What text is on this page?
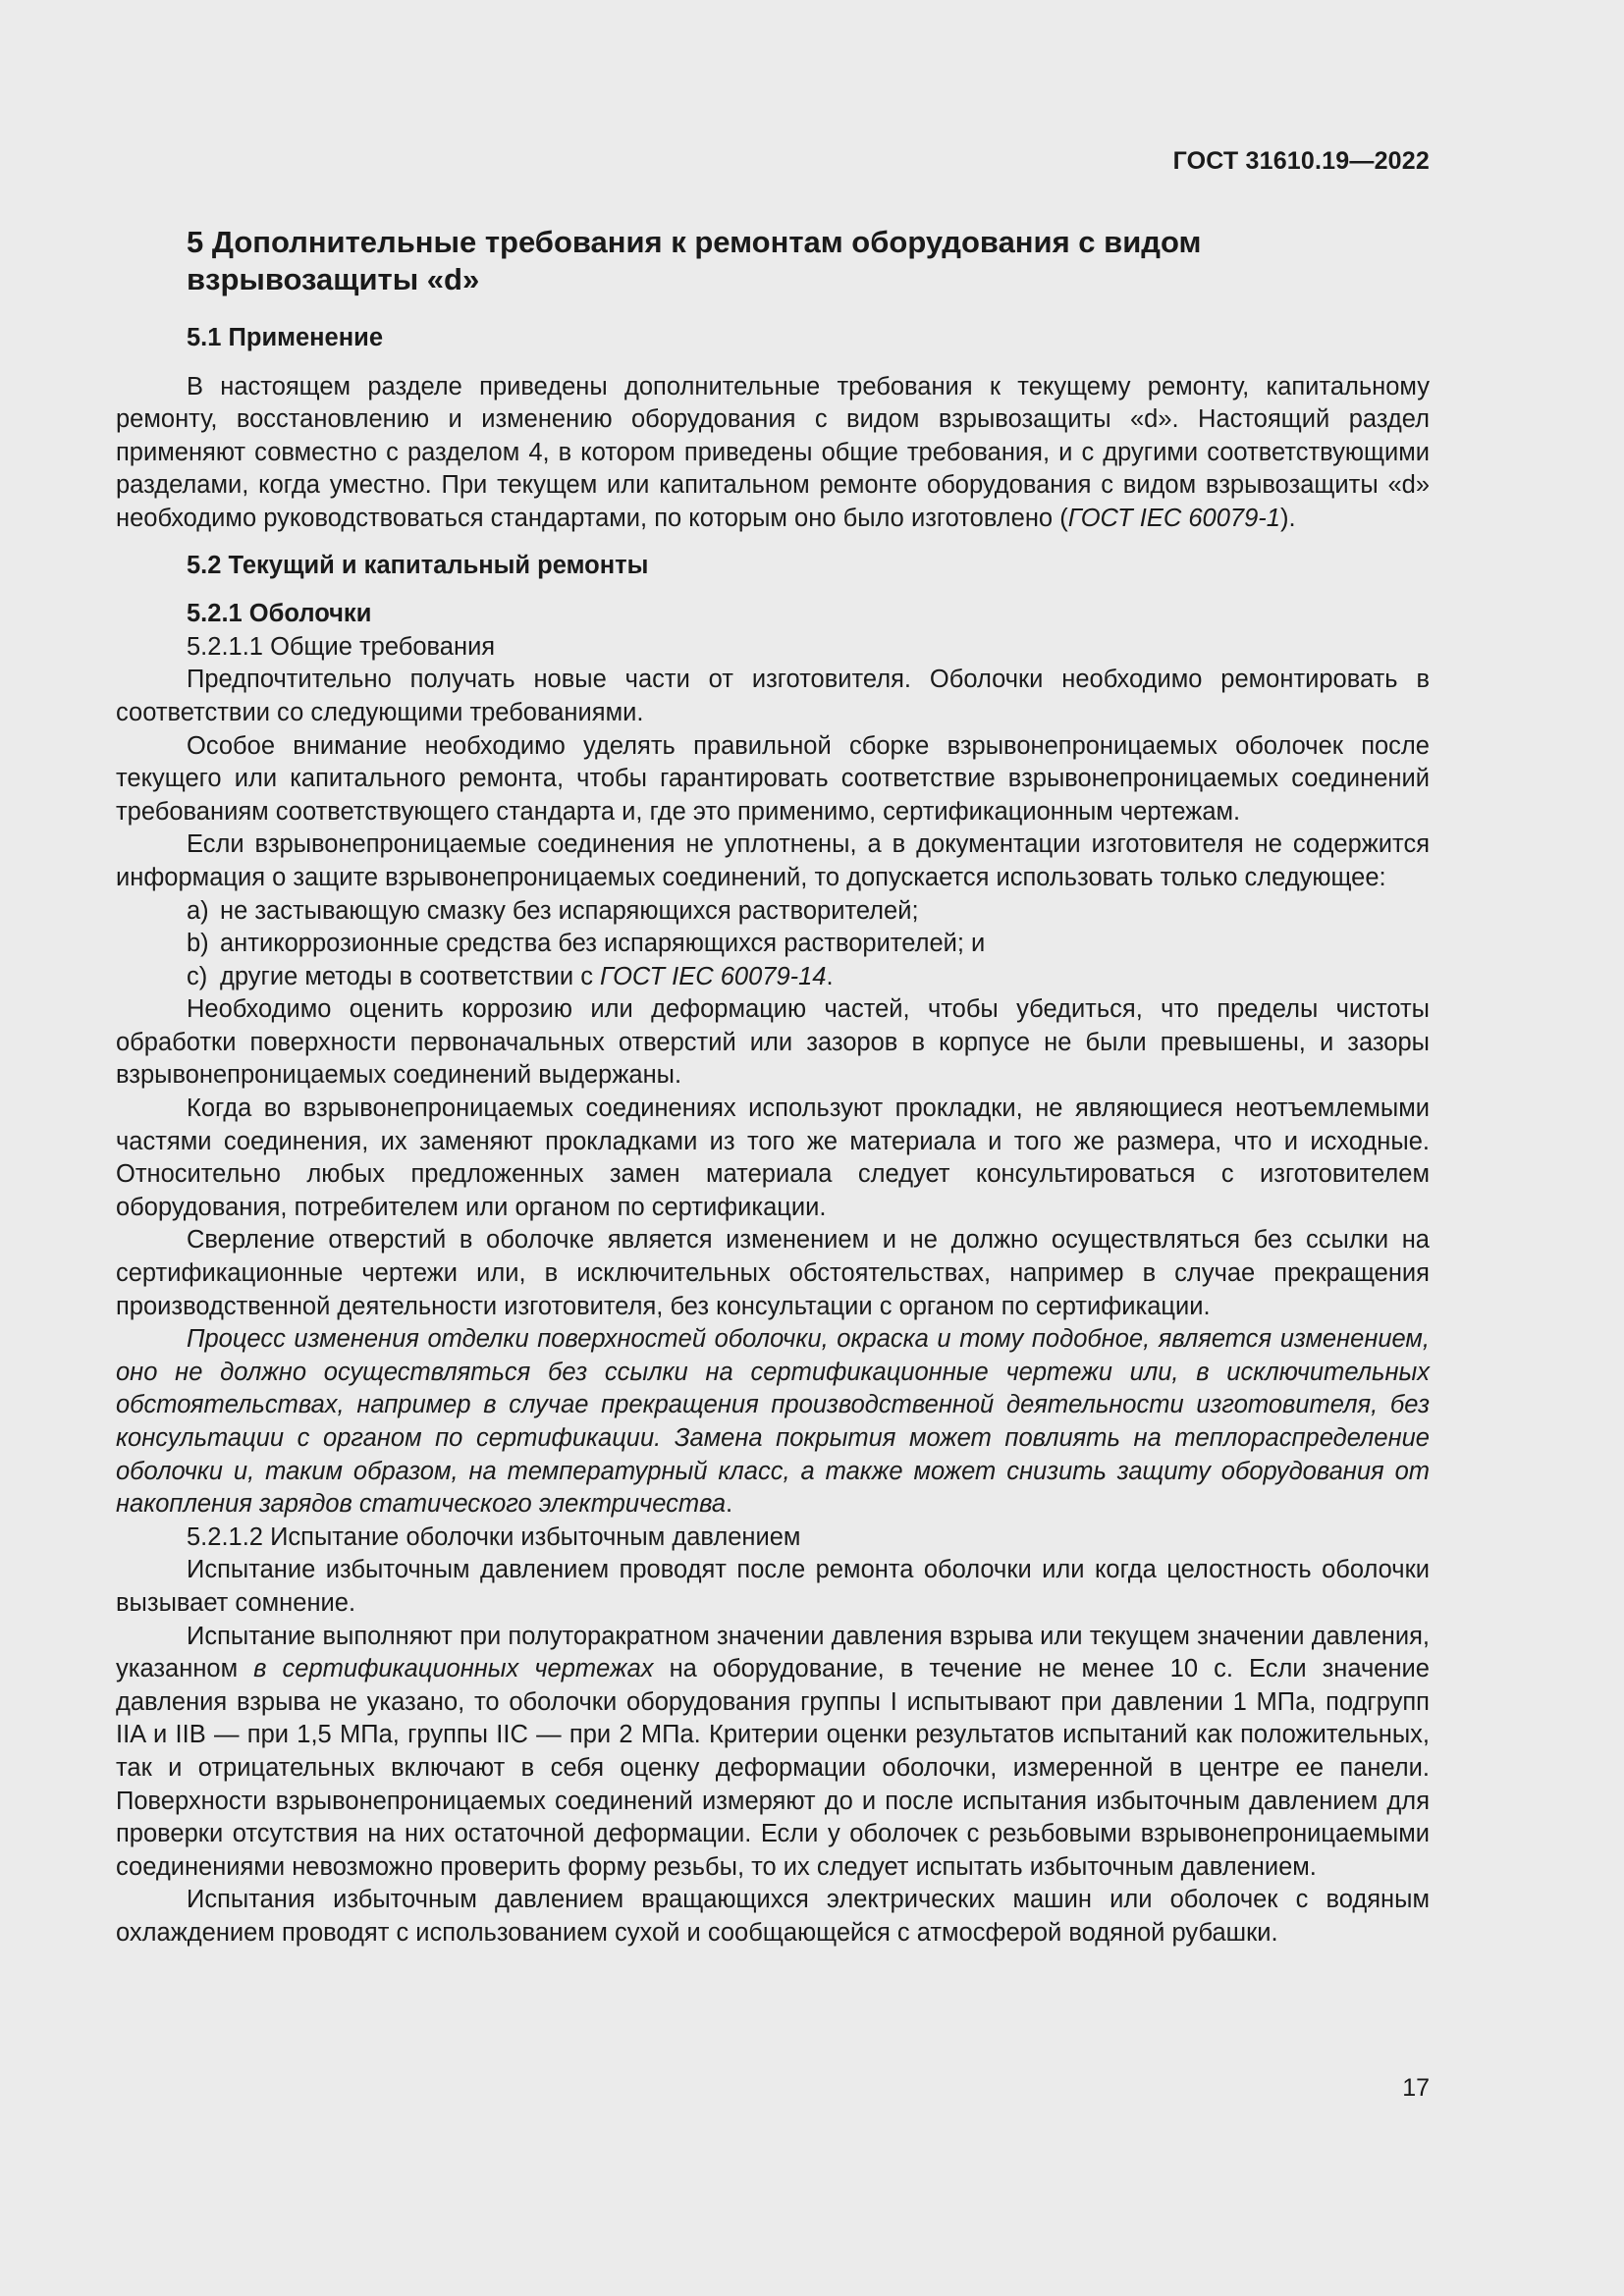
ГОСТ 31610.19—2022
5 Дополнительные требования к ремонтам оборудования с видом взрывозащиты «d»
5.1 Применение

В настоящем разделе приведены дополнительные требования к текущему ремонту, капитальному ремонту, восстановлению и изменению оборудования с видом взрывозащиты «d». Настоящий раздел применяют совместно с разделом 4, в котором приведены общие требования, и с другими соответствующими разделами, когда уместно. При текущем или капитальном ремонте оборудования с видом взрывозащиты «d» необходимо руководствоваться стандартами, по которым оно было изготовлено (ГОСТ IEC 60079-1).

5.2 Текущий и капитальный ремонты
5.2.1 Оболочки
5.2.1.1 Общие требования

Предпочтительно получать новые части от изготовителя. Оболочки необходимо ремонтировать в соответствии со следующими требованиями.

Особое внимание необходимо уделять правильной сборке взрывонепроницаемых оболочек после текущего или капитального ремонта, чтобы гарантировать соответствие взрывонепроницаемых соединений требованиям соответствующего стандарта и, где это применимо, сертификационным чертежам.

Если взрывонепроницаемые соединения не уплотнены, а в документации изготовителя не содержится информация о защите взрывонепроницаемых соединений, то допускается использовать только следующее:

a) не застывающую смазку без испаряющихся растворителей;
b) антикоррозионные средства без испаряющихся растворителей; и
c) другие методы в соответствии с ГОСТ IEC 60079-14.

Необходимо оценить коррозию или деформацию частей, чтобы убедиться, что пределы чистоты обработки поверхности первоначальных отверстий или зазоров в корпусе не были превышены, и зазоры взрывонепроницаемых соединений выдержаны.

Когда во взрывонепроницаемых соединениях используют прокладки, не являющиеся неотъемлемыми частями соединения, их заменяют прокладками из того же материала и того же размера, что и исходные. Относительно любых предложенных замен материала следует консультироваться с изготовителем оборудования, потребителем или органом по сертификации.

Сверление отверстий в оболочке является изменением и не должно осуществляться без ссылки на сертификационные чертежи или, в исключительных обстоятельствах, например в случае прекращения производственной деятельности изготовителя, без консультации с органом по сертификации.

Процесс изменения отделки поверхностей оболочки, окраска и тому подобное, является изменением, оно не должно осуществляться без ссылки на сертификационные чертежи или, в исключительных обстоятельствах, например в случае прекращения производственной деятельности изготовителя, без консультации с органом по сертификации. Замена покрытия может повлиять на теплораспределение оболочки и, таким образом, на температурный класс, а также может снизить защиту оборудования от накопления зарядов статического электричества.

5.2.1.2 Испытание оболочки избыточным давлением

Испытание избыточным давлением проводят после ремонта оболочки или когда целостность оболочки вызывает сомнение.

Испытание выполняют при полуторакратном значении давления взрыва или текущем значении давления, указанном в сертификационных чертежах на оборудование, в течение не менее 10 с. Если значение давления взрыва не указано, то оболочки оборудования группы I испытывают при давлении 1 МПа, подгрупп IIA и IIB — при 1,5 МПа, группы IIC — при 2 МПа. Критерии оценки результатов испытаний как положительных, так и отрицательных включают в себя оценку деформации оболочки, измеренной в центре ее панели. Поверхности взрывонепроницаемых соединений измеряют до и после испытания избыточным давлением для проверки отсутствия на них остаточной деформации. Если у оболочек с резьбовыми взрывонепроницаемыми соединениями невозможно проверить форму резьбы, то их следует испытать избыточным давлением.

Испытания избыточным давлением вращающихся электрических машин или оболочек с водяным охлаждением проводят с использованием сухой и сообщающейся с атмосферой водяной рубашки.

17
